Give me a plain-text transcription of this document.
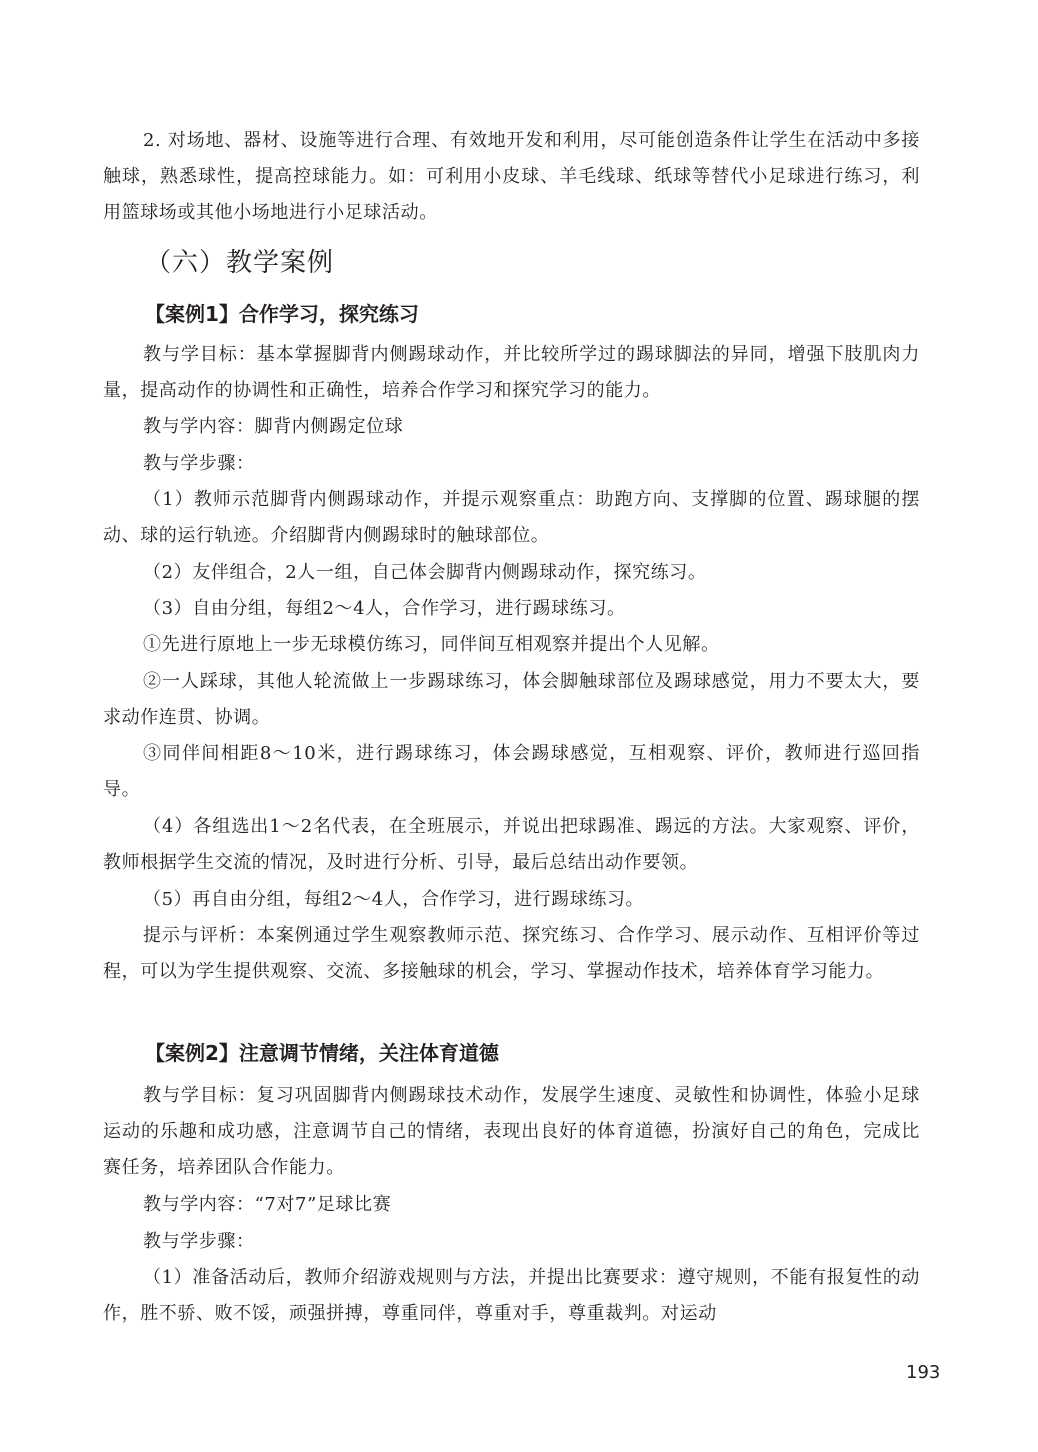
2. 对场地、器材、设施等进行合理、有效地开发和利用，尽可能创造条件让学生在活动中多接触球，熟悉球性，提高控球能力。如：可利用小皮球、羊毛线球、纸球等替代小足球进行练习，利用篮球场或其他小场地进行小足球活动。

（六）教学案例
【案例1】合作学习，探究练习

教与学目标：基本掌握脚背内侧踢球动作，并比较所学过的踢球脚法的异同，增强下肢肌肉力量，提高动作的协调性和正确性，培养合作学习和探究学习的能力。

教与学内容：脚背内侧踢定位球

教与学步骤：

（1）教师示范脚背内侧踢球动作，并提示观察重点：助跑方向、支撑脚的位置、踢球腿的摆动、球的运行轨迹。介绍脚背内侧踢球时的触球部位。

（2）友伴组合，2人一组，自己体会脚背内侧踢球动作，探究练习。

（3）自由分组，每组2～4人，合作学习，进行踢球练习。

①先进行原地上一步无球模仿练习，同伴间互相观察并提出个人见解。

②一人踩球，其他人轮流做上一步踢球练习，体会脚触球部位及踢球感觉，用力不要太大，要求动作连贯、协调。

③同伴间相距8～10米，进行踢球练习，体会踢球感觉，互相观察、评价，教师进行巡回指导。

（4）各组选出1～2名代表，在全班展示，并说出把球踢准、踢远的方法。大家观察、评价，教师根据学生交流的情况，及时进行分析、引导，最后总结出动作要领。

（5）再自由分组，每组2～4人，合作学习，进行踢球练习。

提示与评析：本案例通过学生观察教师示范、探究练习、合作学习、展示动作、互相评价等过程，可以为学生提供观察、交流、多接触球的机会，学习、掌握动作技术，培养体育学习能力。

【案例2】注意调节情绪，关注体育道德

教与学目标：复习巩固脚背内侧踢球技术动作，发展学生速度、灵敏性和协调性，体验小足球运动的乐趣和成功感，注意调节自己的情绪，表现出良好的体育道德，扮演好自己的角色，完成比赛任务，培养团队合作能力。

教与学内容：“7对7”足球比赛

教与学步骤：

（1）准备活动后，教师介绍游戏规则与方法，并提出比赛要求：遵守规则，不能有报复性的动作，胜不骄、败不馁，顽强拼搏，尊重同伴，尊重对手，尊重裁判。对运动

193
